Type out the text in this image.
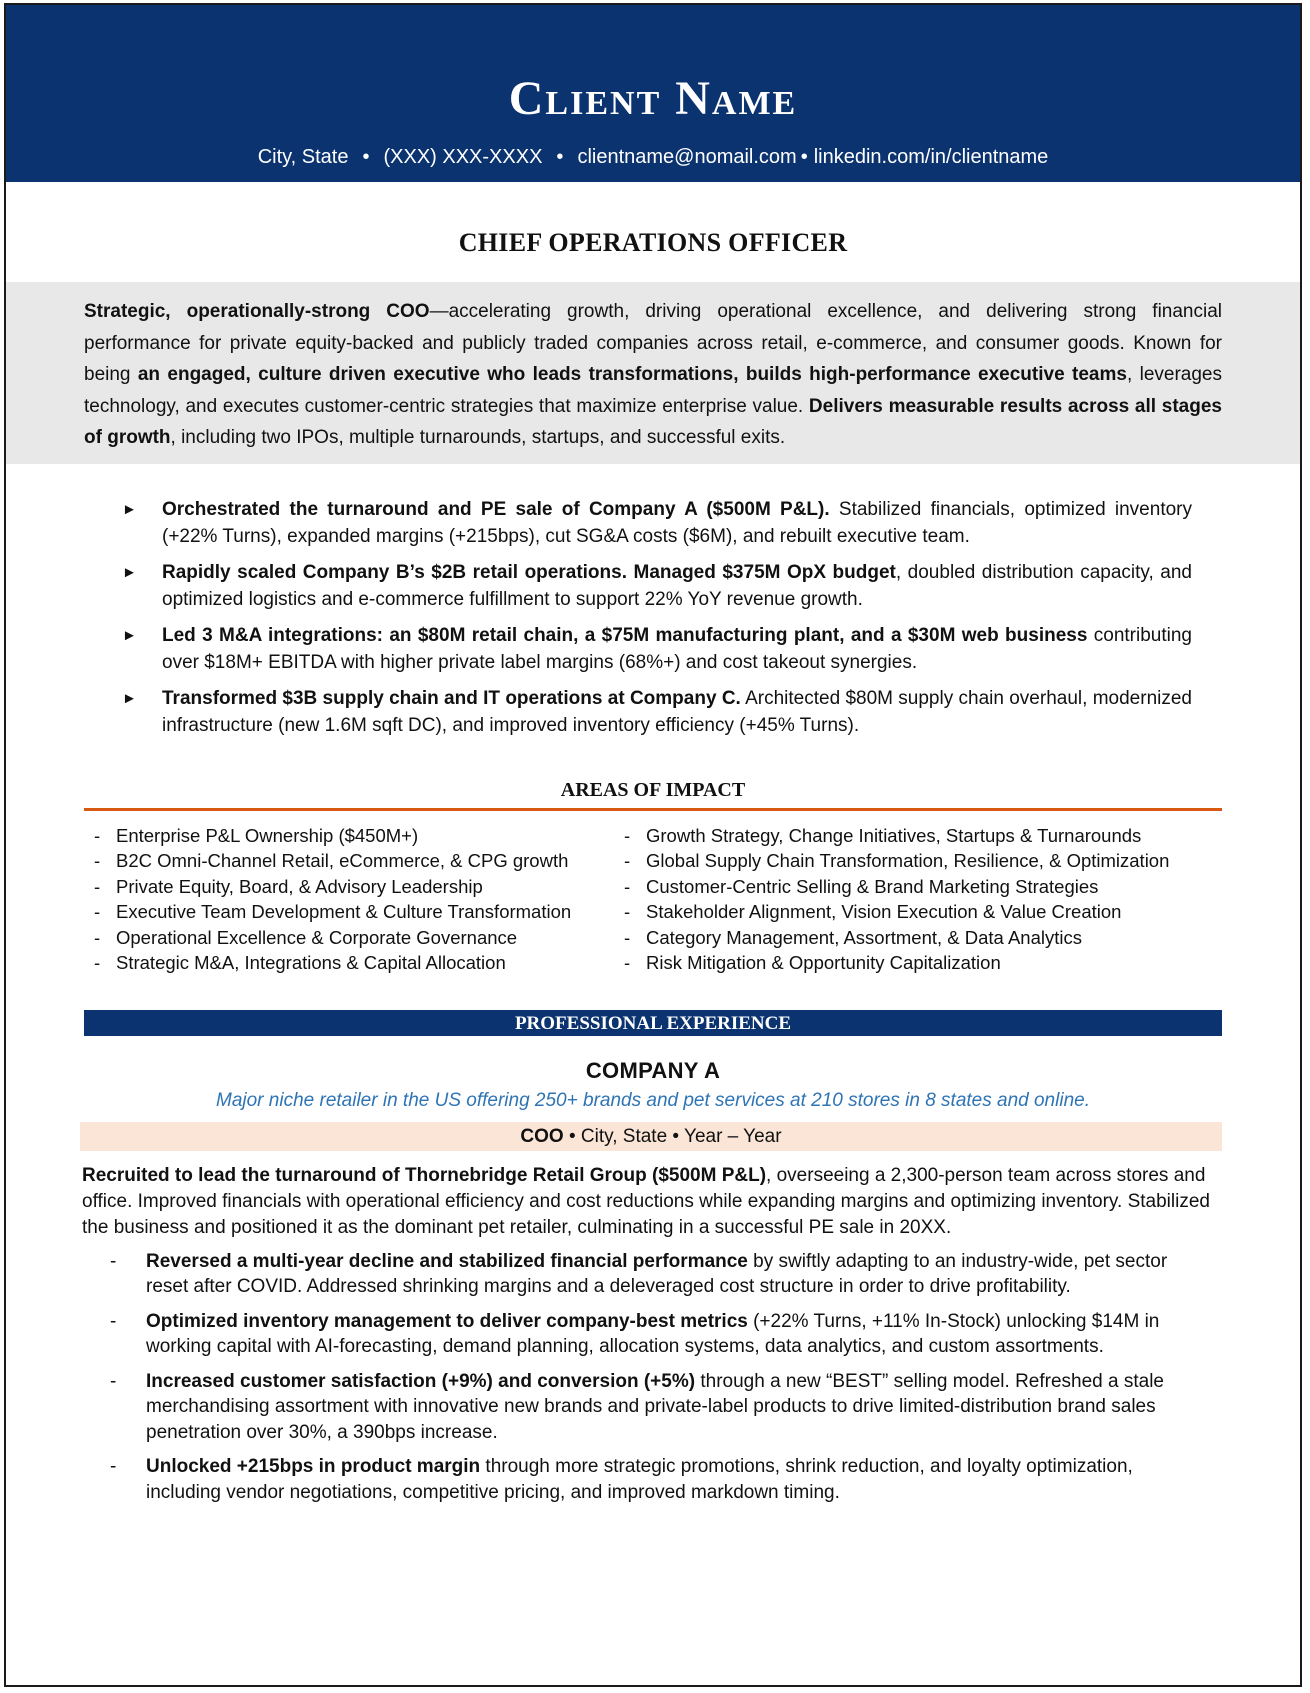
Client Name
City, State • (XXX) XXX-XXXX • clientname@nomail.com • linkedin.com/in/clientname
CHIEF OPERATIONS OFFICER
Strategic, operationally-strong COO—accelerating growth, driving operational excellence, and delivering strong financial performance for private equity-backed and publicly traded companies across retail, e-commerce, and consumer goods. Known for being an engaged, culture driven executive who leads transformations, builds high-performance executive teams, leverages technology, and executes customer-centric strategies that maximize enterprise value. Delivers measurable results across all stages of growth, including two IPOs, multiple turnarounds, startups, and successful exits.
► Orchestrated the turnaround and PE sale of Company A ($500M P&L). Stabilized financials, optimized inventory (+22% Turns), expanded margins (+215bps), cut SG&A costs ($6M), and rebuilt executive team.
► Rapidly scaled Company B’s $2B retail operations. Managed $375M OpX budget, doubled distribution capacity, and optimized logistics and e-commerce fulfillment to support 22% YoY revenue growth.
► Led 3 M&A integrations: an $80M retail chain, a $75M manufacturing plant, and a $30M web business contributing over $18M+ EBITDA with higher private label margins (68%+) and cost takeout synergies.
► Transformed $3B supply chain and IT operations at Company C. Architected $80M supply chain overhaul, modernized infrastructure (new 1.6M sqft DC), and improved inventory efficiency (+45% Turns).
AREAS OF IMPACT
- Enterprise P&L Ownership ($450M+)
- B2C Omni-Channel Retail, eCommerce, & CPG growth
- Private Equity, Board, & Advisory Leadership
- Executive Team Development & Culture Transformation
- Operational Excellence & Corporate Governance
- Strategic M&A, Integrations & Capital Allocation
- Growth Strategy, Change Initiatives, Startups & Turnarounds
- Global Supply Chain Transformation, Resilience, & Optimization
- Customer-Centric Selling & Brand Marketing Strategies
- Stakeholder Alignment, Vision Execution & Value Creation
- Category Management, Assortment, & Data Analytics
- Risk Mitigation & Opportunity Capitalization
PROFESSIONAL EXPERIENCE
COMPANY A
Major niche retailer in the US offering 250+ brands and pet services at 210 stores in 8 states and online.
COO • City, State • Year – Year
Recruited to lead the turnaround of Thornebridge Retail Group ($500M P&L), overseeing a 2,300-person team across stores and office. Improved financials with operational efficiency and cost reductions while expanding margins and optimizing inventory. Stabilized the business and positioned it as the dominant pet retailer, culminating in a successful PE sale in 20XX.
- Reversed a multi-year decline and stabilized financial performance by swiftly adapting to an industry-wide, pet sector reset after COVID. Addressed shrinking margins and a deleveraged cost structure in order to drive profitability.
- Optimized inventory management to deliver company-best metrics (+22% Turns, +11% In-Stock) unlocking $14M in working capital with AI-forecasting, demand planning, allocation systems, data analytics, and custom assortments.
- Increased customer satisfaction (+9%) and conversion (+5%) through a new “BEST” selling model. Refreshed a stale merchandising assortment with innovative new brands and private-label products to drive limited-distribution brand sales penetration over 30%, a 390bps increase.
- Unlocked +215bps in product margin through more strategic promotions, shrink reduction, and loyalty optimization, including vendor negotiations, competitive pricing, and improved markdown timing.
